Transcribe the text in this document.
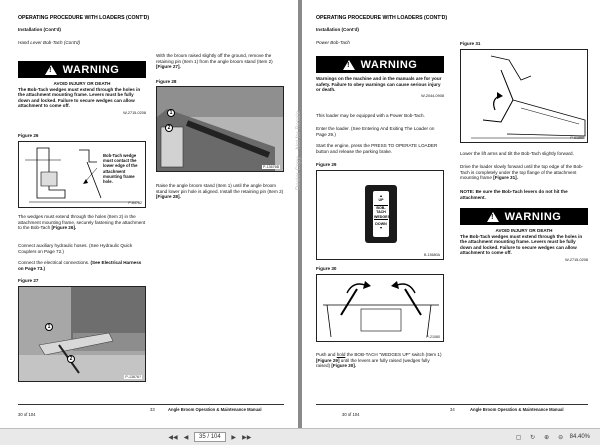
OPERATING PROCEDURE WITH LOADERS (CONT'D)
Installation (Cont'd)
Hand Lever Bob-Tach (Cont'd)
! WARNING
AVOID INJURY OR DEATH
The Bob-Tach wedges must extend through the holes in the attachment mounting frame. Levers must be fully down and locked. Failure to secure wedges can allow attachment to come off.
W-2715-0208
Figure 26
Bob-Tach wedge must contact the lower edge of the attachment mounting frame hole.
P-64782
The wedges must extend through the holes (Item 2) in the attachment mounting frame, securely fastening the attachment to the Bob-Tach [Figure 26].
Connect auxiliary hydraulic hoses. (See Hydraulic Quick Couplers on Page 72.)
Connect the electrical connections. (See Electrical Harness on Page 73.)
Figure 27
1
2
P-13676?
With the broom raised slightly off the ground, remove the retaining pin (Item 1) from the angle broom stand (Item 2) [Figure 27].
Figure 28
1
2
P-13676B
Raise the angle broom stand (Item 1) until the angle broom stand lower pin hole is aligned. Install the retaining pin (Item 2) [Figure 28].
30 of 104
33	Angle Broom Operation & Maintenance Manual
OPERATING PROCEDURE WITH LOADERS (CONT'D)
Installation (Cont'd)
Power Bob-Tach
! WARNING
Warnings on the machine and in the manuals are for your safety. Failure to obey warnings can cause serious injury or death.
W-2044-0908
This loader may be equipped with a Power Bob-Tach.
Enter the loader. (See Entering And Exiting The Loader on Page 29.)
Start the engine, press the PRESS TO OPERATE LOADER button and release the parking brake.
Figure 29
▲
UP
BOB-TACH WEDGES
DOWN
▼
B-15680A
Figure 30
P-21080
Push and hold the BOB-TACH "WEDGES UP" switch (Item 1) [Figure 29] until the levers are fully raised (wedges fully raised) [Figure 30].
Figure 31
P-61860
Lower the lift arms and tilt the Bob-Tach slightly forward.
Drive the loader slowly forward until the top edge of the Bob-Tach is completely under the top flange of the attachment mounting frame [Figure 31].
NOTE: Be sure the Bob-Tach levers do not hit the attachment.
! WARNING
AVOID INJURY OR DEATH
The Bob-Tach wedges must extend through the holes in the attachment mounting frame. Levers must be fully down and locked. Failure to secure wedges can allow attachment to come off.
W-2715-0208
30 of 104
34	Angle Broom Operation & Maintenance Manual
Dealer Copy -- Not for Resale
◀◀	◀	35
/ 104	▶	▶▶	▢	↻	⊕	⊖	84.40%
